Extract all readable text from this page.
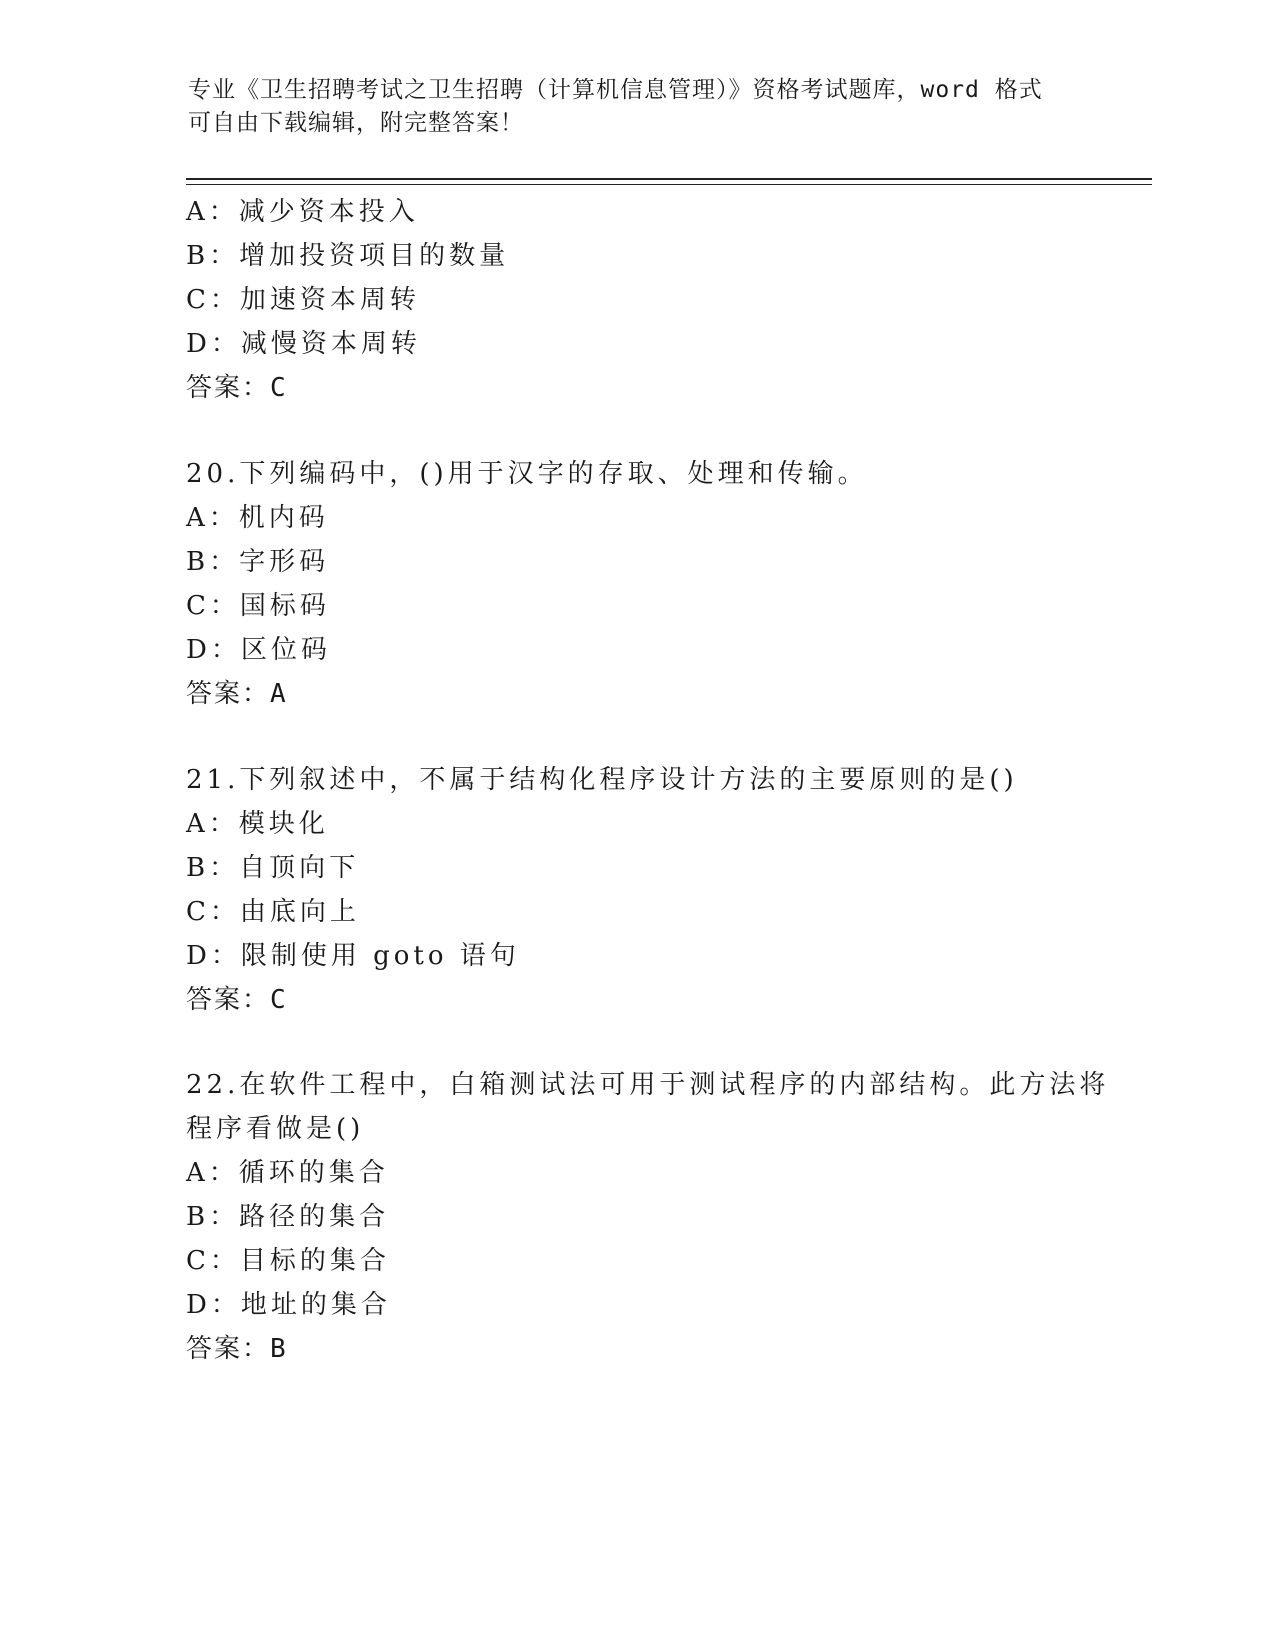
专业《卫生招聘考试之卫生招聘（计算机信息管理）》资格考试题库，word 格式
可自由下载编辑，附完整答案！
A：减少资本投入
B：增加投资项目的数量
C：加速资本周转
D：减慢资本周转
答案：C
20.下列编码中，()用于汉字的存取、处理和传输。
A：机内码
B：字形码
C：国标码
D：区位码
答案：A
21.下列叙述中，不属于结构化程序设计方法的主要原则的是()
A：模块化
B：自顶向下
C：由底向上
D：限制使用 goto 语句
答案：C
22.在软件工程中，白箱测试法可用于测试程序的内部结构。此方法将
程序看做是()
A：循环的集合
B：路径的集合
C：目标的集合
D：地址的集合
答案：B
